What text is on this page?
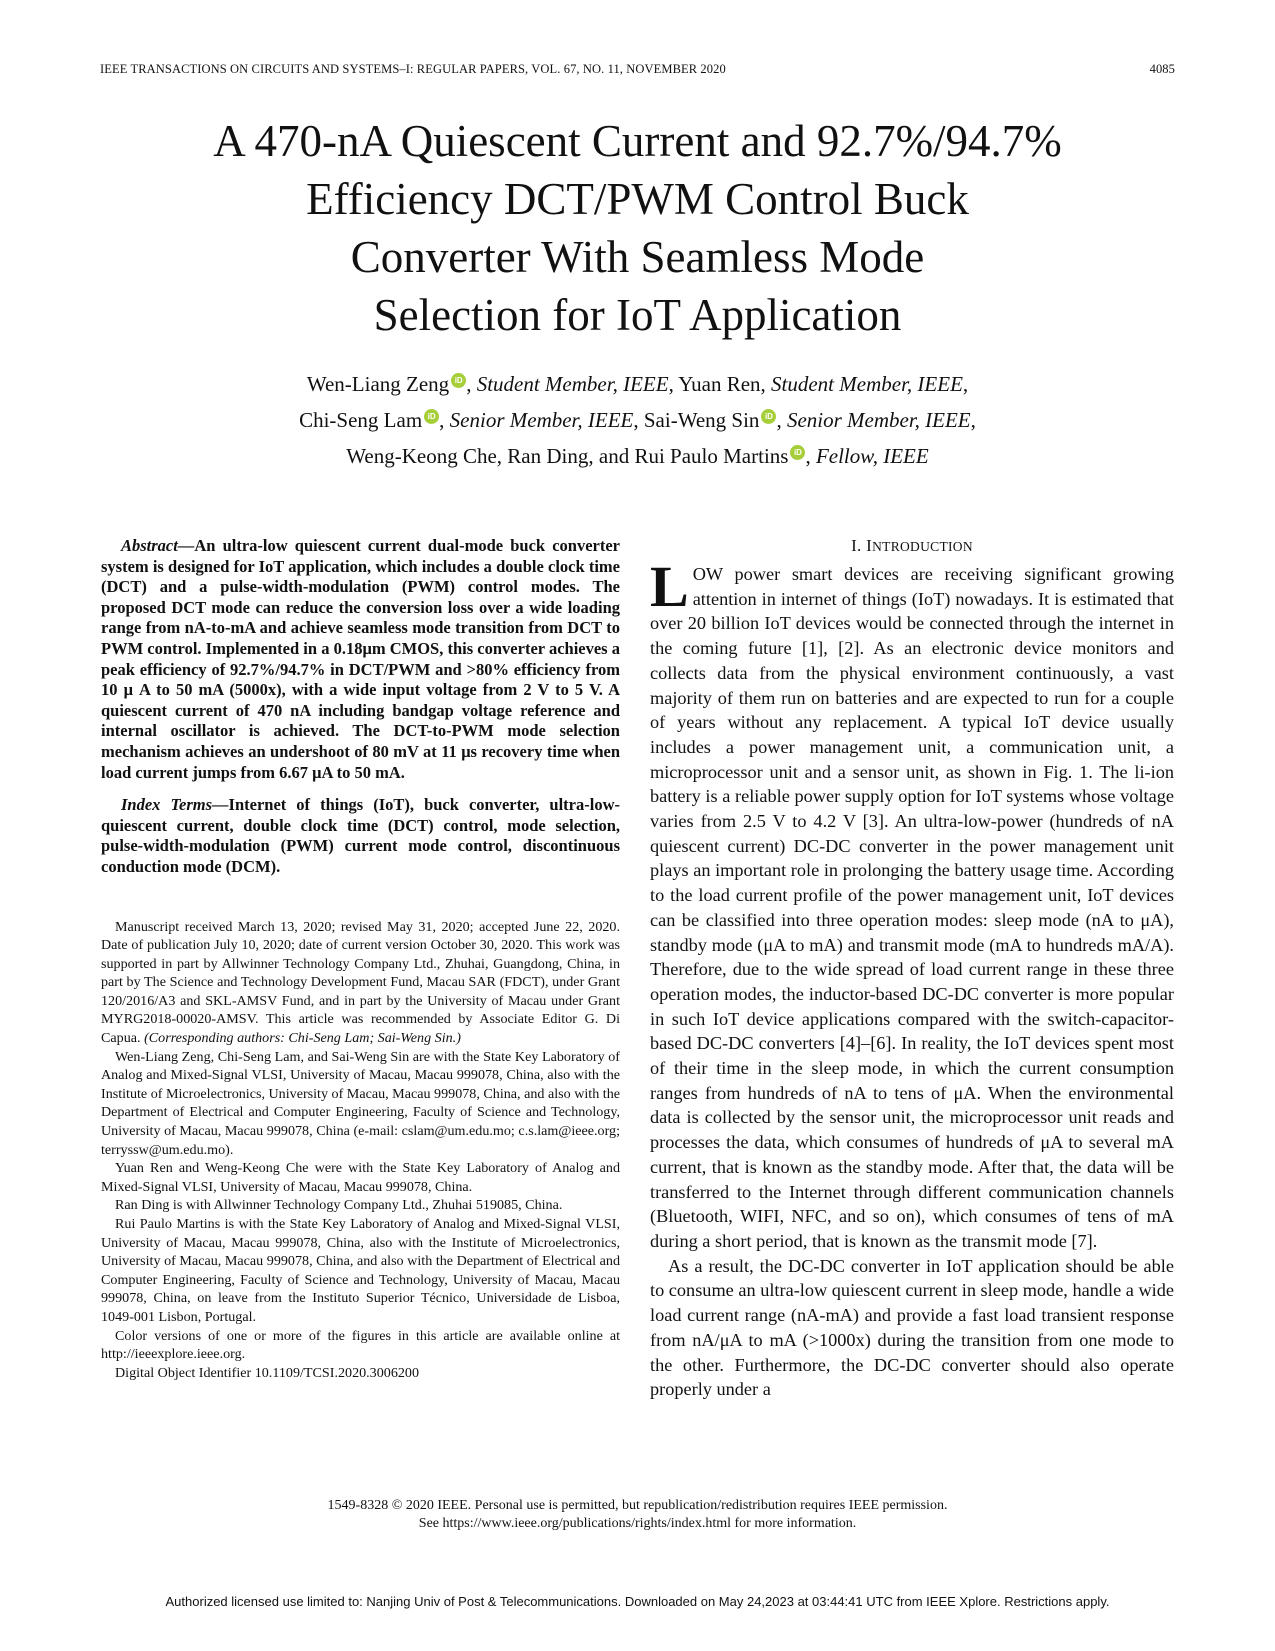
IEEE TRANSACTIONS ON CIRCUITS AND SYSTEMS–I: REGULAR PAPERS, VOL. 67, NO. 11, NOVEMBER 2020	4085
A 470-nA Quiescent Current and 92.7%/94.7%
Efficiency DCT/PWM Control Buck
Converter With Seamless Mode
Selection for IoT Application
Wen-Liang Zeng iD , Student Member, IEEE, Yuan Ren, Student Member, IEEE,
Chi-Seng Lam iD , Senior Member, IEEE, Sai-Weng Sin iD , Senior Member, IEEE,
Weng-Keong Che, Ran Ding, and Rui Paulo Martins iD , Fellow, IEEE

Abstract—An ultra-low quiescent current dual-mode buck converter system is designed for IoT application, which includes a double clock time (DCT) and a pulse-width-modulation (PWM) control modes. The proposed DCT mode can reduce the conversion loss over a wide loading range from nA-to-mA and achieve seamless mode transition from DCT to PWM control. Implemented in a 0.18μm CMOS, this converter achieves a peak efficiency of 92.7%/94.7% in DCT/PWM and >80% efficiency from 10 μ A to 50 mA (5000x), with a wide input voltage from 2 V to 5 V. A quiescent current of 470 nA including bandgap voltage reference and internal oscillator is achieved. The DCT-to-PWM mode selection mechanism achieves an undershoot of 80 mV at 11 μs recovery time when load current jumps from 6.67 μA to 50 mA.

Index Terms—Internet of things (IoT), buck converter, ultra-low-quiescent current, double clock time (DCT) control, mode selection, pulse-width-modulation (PWM) current mode control, discontinuous conduction mode (DCM).

Manuscript received March 13, 2020; revised May 31, 2020; accepted June 22, 2020. Date of publication July 10, 2020; date of current version October 30, 2020. This work was supported in part by Allwinner Technology Company Ltd., Zhuhai, Guangdong, China, in part by The Science and Technology Development Fund, Macau SAR (FDCT), under Grant 120/2016/A3 and SKL-AMSV Fund, and in part by the University of Macau under Grant MYRG2018-00020-AMSV. This article was recommended by Associate Editor G. Di Capua. (Corresponding authors: Chi-Seng Lam; Sai-Weng Sin.)

Wen-Liang Zeng, Chi-Seng Lam, and Sai-Weng Sin are with the State Key Laboratory of Analog and Mixed-Signal VLSI, University of Macau, Macau 999078, China, also with the Institute of Microelectronics, University of Macau, Macau 999078, China, and also with the Department of Electrical and Computer Engineering, Faculty of Science and Technology, University of Macau, Macau 999078, China (e-mail: cslam@um.edu.mo; c.s.lam@ieee.org; terryssw@um.edu.mo).

Yuan Ren and Weng-Keong Che were with the State Key Laboratory of Analog and Mixed-Signal VLSI, University of Macau, Macau 999078, China.

Ran Ding is with Allwinner Technology Company Ltd., Zhuhai 519085, China.

Rui Paulo Martins is with the State Key Laboratory of Analog and Mixed-Signal VLSI, University of Macau, Macau 999078, China, also with the Institute of Microelectronics, University of Macau, Macau 999078, China, and also with the Department of Electrical and Computer Engineering, Faculty of Science and Technology, University of Macau, Macau 999078, China, on leave from the Instituto Superior Técnico, Universidade de Lisboa, 1049-001 Lisbon, Portugal.

Color versions of one or more of the figures in this article are available online at http://ieeexplore.ieee.org.

Digital Object Identifier 10.1109/TCSI.2020.3006200

I. INTRODUCTION

LOW power smart devices are receiving significant growing attention in internet of things (IoT) nowadays. It is estimated that over 20 billion IoT devices would be connected through the internet in the coming future [1], [2]. As an electronic device monitors and collects data from the physical environment continuously, a vast majority of them run on batteries and are expected to run for a couple of years without any replacement. A typical IoT device usually includes a power management unit, a communication unit, a microprocessor unit and a sensor unit, as shown in Fig. 1. The li-ion battery is a reliable power supply option for IoT systems whose voltage varies from 2.5 V to 4.2 V [3]. An ultra-low-power (hundreds of nA quiescent current) DC-DC converter in the power management unit plays an important role in prolonging the battery usage time. According to the load current profile of the power management unit, IoT devices can be classified into three operation modes: sleep mode (nA to μA), standby mode (μA to mA) and transmit mode (mA to hundreds mA/A). Therefore, due to the wide spread of load current range in these three operation modes, the inductor-based DC-DC converter is more popular in such IoT device applications compared with the switch-capacitor-based DC-DC converters [4]–[6]. In reality, the IoT devices spent most of their time in the sleep mode, in which the current consumption ranges from hundreds of nA to tens of μA. When the environmental data is collected by the sensor unit, the microprocessor unit reads and processes the data, which consumes of hundreds of μA to several mA current, that is known as the standby mode. After that, the data will be transferred to the Internet through different communication channels (Bluetooth, WIFI, NFC, and so on), which consumes of tens of mA during a short period, that is known as the transmit mode [7].

As a result, the DC-DC converter in IoT application should be able to consume an ultra-low quiescent current in sleep mode, handle a wide load current range (nA-mA) and provide a fast load transient response from nA/μA to mA (>1000x) during the transition from one mode to the other. Furthermore, the DC-DC converter should also operate properly under a

1549-8328 © 2020 IEEE. Personal use is permitted, but republication/redistribution requires IEEE permission.
See https://www.ieee.org/publications/rights/index.html for more information.
Authorized licensed use limited to: Nanjing Univ of Post & Telecommunications. Downloaded on May 24,2023 at 03:44:41 UTC from IEEE Xplore. Restrictions apply.
